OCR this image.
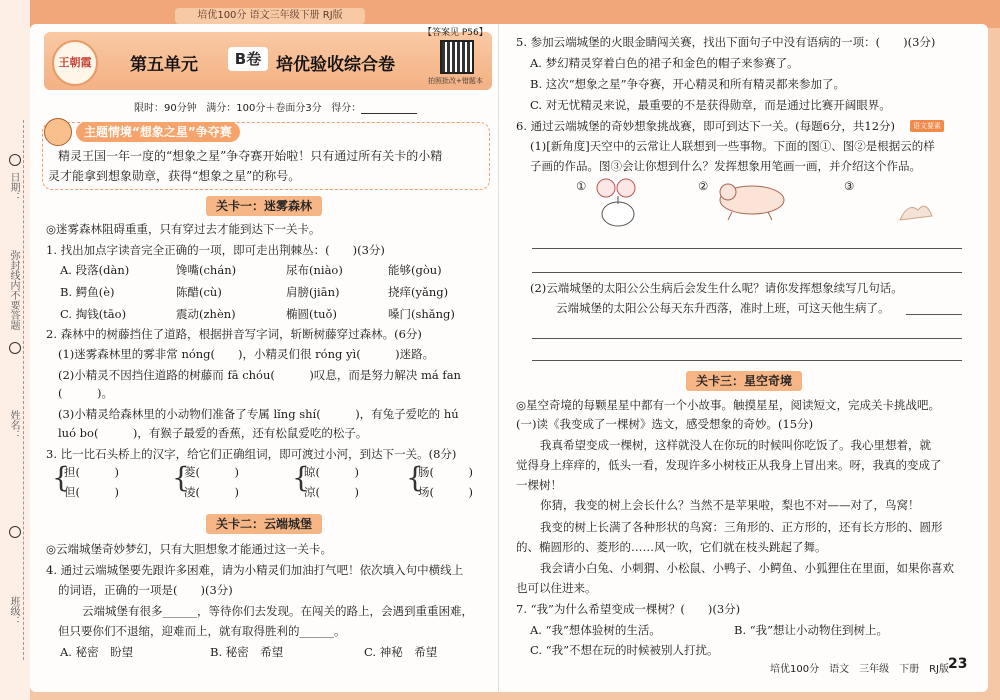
培优100分 语文三年级下册 RJ版
日期：
弥封线内不要答题
姓名：
班级：
王朝霞 第五单元	B卷 培优验收综合卷
【答案见 P56】
拍照批改+错题本
限时：90分钟 满分：100分＋卷面分3分 得分：
主题情境“想象之星”争夺赛
精灵王国一年一度的“想象之星”争夺赛开始啦！只有通过所有关卡的小精
灵才能拿到想象勋章，获得“想象之星”的称号。
关卡一：迷雾森林
◎迷雾森林阻碍重重，只有穿过去才能到达下一关卡。
1. 找出加点字读音完全正确的一项，即可走出荆棘丛：(　　)(3分)
A. 段落(dàn)	馋嘴(chán)	尿布(niào)	能够(gòu)
B. 鳄鱼(è)	陈醋(cù)	肩膀(jiān)	挠痒(yǎng)
C. 掏钱(tāo)	震动(zhèn)	椭圆(tuǒ)	嗓门(shǎng)
2. 森林中的树藤挡住了道路，根据拼音写字词，斩断树藤穿过森林。(6分)
(1)迷雾森林里的雾非常 nóng(　　)，小精灵们很 róng yì(　　　)迷路。
(2)小精灵不因挡住道路的树藤而 fā chóu(　　　)叹息，而是努力解决 má fan
(　　　)。
(3)小精灵给森林里的小动物们准备了专属 lǐng shí(　　　)，有兔子爱吃的 hú
luó bo(　　　)，有猴子最爱的香蕉，还有松鼠爱吃的松子。
3. 比一比石头桥上的汉字，给它们正确组词，即可渡过小河，到达下一关。(8分)
{
担(　　　)
但(　　　) {
菱(　　　)
凌(　　　) {
晾(　　　)
凉(　　　) {
肠(　　　)
场(　　　)
关卡二：云端城堡
◎云端城堡奇妙梦幻，只有大胆想象才能通过这一关卡。
4. 通过云端城堡要先跟许多困难，请为小精灵们加油打气吧！依次填入句中横线上
的词语，正确的一项是(　　)(3分)
云端城堡有很多______，等待你们去发现。在闯关的路上，会遇到重重困难，
但只要你们不退缩，迎难而上，就有取得胜利的______。
A. 秘密　盼望	B. 秘密　希望	C. 神秘　希望
5. 参加云端城堡的火眼金睛闯关赛，找出下面句子中没有语病的一项：(　　)(3分)
A. 梦幻精灵穿着白色的裙子和金色的帽子来参赛了。
B. 这次“想象之星”争夺赛，开心精灵和所有精灵都来参加了。
C. 对无忧精灵来说，最重要的不是获得勋章，而是通过比赛开阔眼界。
6. 通过云端城堡的奇妙想象挑战赛，即可到达下一关。(每题6分，共12分)	语文要素
(1)[新角度]天空中的云常让人联想到一些事物。下面的图①、图②是根据云的样
子画的作品。图③会让你想到什么？发挥想象用笔画一画，并介绍这个作品。
①	②	③
(2)云端城堡的太阳公公生病后会发生什么呢？请你发挥想象续写几句话。
云端城堡的太阳公公每天东升西落，准时上班，可这天他生病了。
关卡三：星空奇境
◎星空奇境的每颗星星中都有一个小故事。触摸星星，阅读短文，完成关卡挑战吧。
(一)读《我变成了一棵树》选文，感受想象的奇妙。(15分)
我真希望变成一棵树，这样就没人在你玩的时候叫你吃饭了。我心里想着，就
觉得身上痒痒的，低头一看，发现许多小树枝正从我身上冒出来。呀，我真的变成了
一棵树！
你猜，我变的树上会长什么？当然不是苹果啦，梨也不对——对了，鸟窝！
我变的树上长满了各种形状的鸟窝：三角形的、正方形的，还有长方形的、圆形
的、椭圆形的、菱形的……风一吹，它们就在枝头跳起了舞。
我会请小白兔、小刺猬、小松鼠、小鸭子、小鳄鱼、小狐狸住在里面，如果你喜欢
也可以住进来。
7. “我”为什么希望变成一棵树？(　　)(3分)
A. “我”想体验树的生活。	B. “我”想让小动物住到树上。
C. “我”不想在玩的时候被别人打扰。
培优100分　语文　三年级　下册　RJ版 23
